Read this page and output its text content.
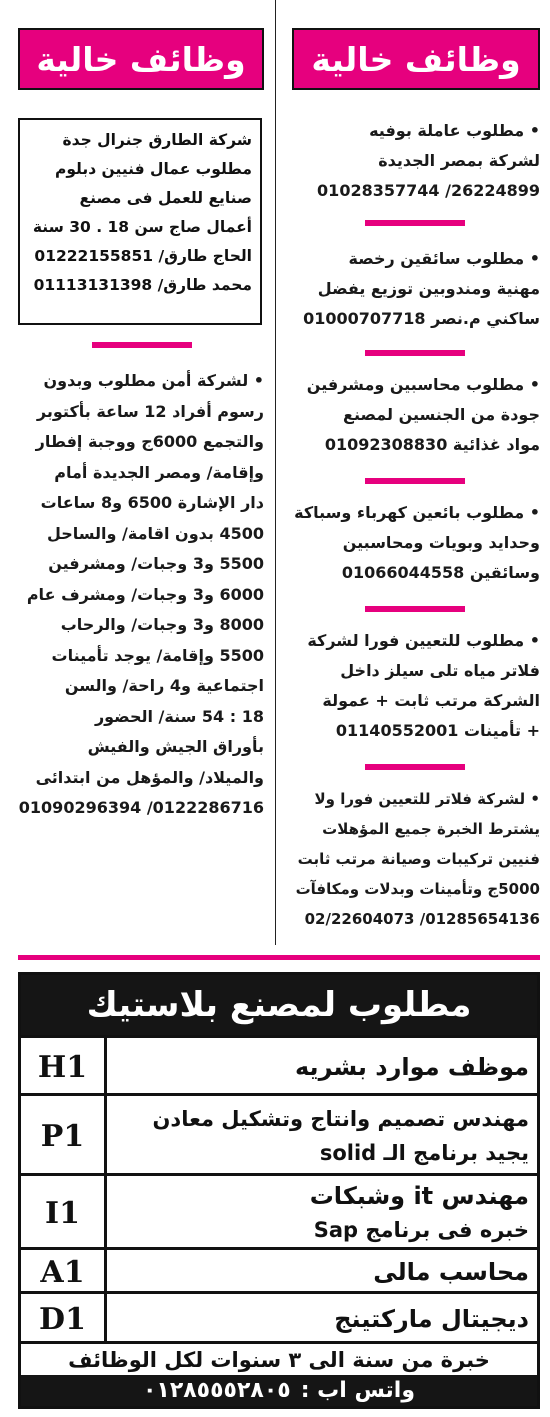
وظائف خالية
وظائف خالية
• مطلوب عاملة بوفيه
لشركة بمصر الجديدة
26224899/ 01028357744
• مطلوب سائقين رخصة
مهنية ومندوبين توزيع يفضل
ساكني م.نصر 01000707718
• مطلوب محاسبين ومشرفين
جودة من الجنسين لمصنع
مواد غذائية 01092308830
• مطلوب بائعين كهرباء وسباكة
وحدايد وبويات ومحاسبين
وسائقين 01066044558
• مطلوب للتعيين فورا لشركة
فلاتر مياه تلى سيلز داخل
الشركة مرتب ثابت + عمولة
+ تأمينات 01140552001
• لشركة فلاتر للتعيين فورا ولا
يشترط الخبرة جميع المؤهلات
فنيين تركيبات وصيانة مرتب ثابت
5000ج وتأمينات وبدلات ومكافآت
01285654136/ 02/22604073
شركة الطارق جنرال جدة
مطلوب عمال فنيين دبلوم
صنايع للعمل فى مصنع
أعمال صاج سن 18 . 30 سنة
الحاج طارق/ 01222155851
محمد طارق/ 01113131398
• لشركة أمن مطلوب وبدون
رسوم أفراد 12 ساعة بأكتوبر
والتجمع 6000ج ووجبة إفطار
وإقامة/ ومصر الجديدة أمام
دار الإشارة 6500 و8 ساعات
4500 بدون اقامة/ والساحل
5500 و3 وجبات/ ومشرفين
6000 و3 وجبات/ ومشرف عام
8000 و3 وجبات/ والرحاب
5500 وإقامة/ يوجد تأمينات
اجتماعية و4 راحة/ والسن
18 : 54 سنة/ الحضور
بأوراق الجيش والفيش
والميلاد/ والمؤهل من ابتدائى
0122286716/ 01090296394
مطلوب لمصنع بلاستيك
H1	موظف موارد بشريه
P1	مهندس تصميم وانتاج وتشكيل معادن
يجيد برنامج الـ solid
I1	مهندس it وشبكات
خبره فى برنامج Sap
A1	محاسب مالى
D1	ديجيتال ماركتينج
خبرة من سنة الى ٣ سنوات لكل الوظائف
واتس اب :
٠١٢٨٥٥٥٢٨٠٥
